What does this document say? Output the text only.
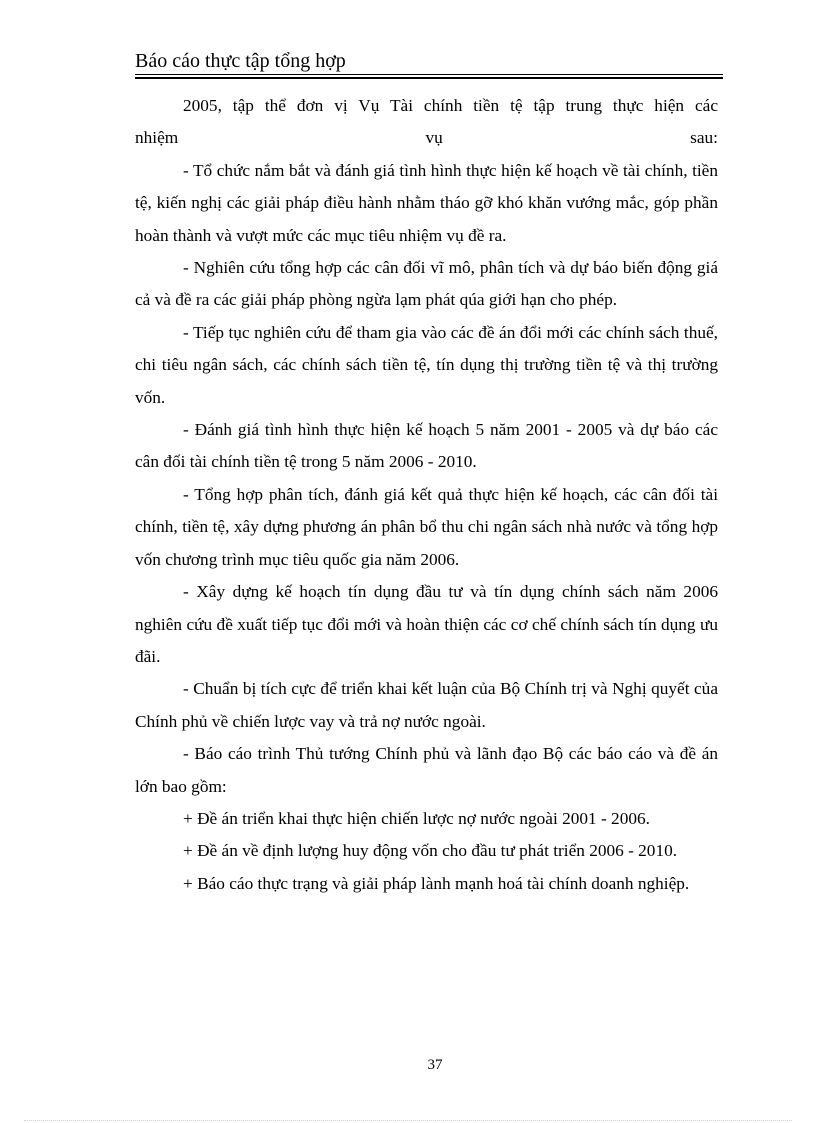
Báo cáo thực tập tổng hợp
2005, tập thể đơn vị Vụ Tài chính tiền tệ tập trung thực hiện các
nhiệm vụ sau:

- Tổ chức nắm bắt và đánh giá tình hình thực hiện kế hoạch về tài chính, tiền tệ, kiến nghị các giải pháp điều hành nhằm tháo gỡ khó khăn vướng mắc, góp phần hoàn thành và vượt mức các mục tiêu nhiệm vụ đề ra.

- Nghiên cứu tổng hợp các cân đối vĩ mô, phân tích và dự báo biến động giá cả và đề ra các giải pháp phòng ngừa lạm phát qúa giới hạn cho phép.

- Tiếp tục nghiên cứu để tham gia vào các đề án đổi mới các chính sách thuế, chi tiêu ngân sách, các chính sách tiền tệ, tín dụng thị trường tiền tệ và thị trường vốn.

- Đánh giá tình hình thực hiện kế hoạch 5 năm 2001 - 2005 và dự báo các cân đối tài chính tiền tệ trong 5 năm 2006 - 2010.

- Tổng hợp phân tích, đánh giá kết quả thực hiện kế hoạch, các cân đối tài chính, tiền tệ, xây dựng phương án phân bổ thu chi ngân sách nhà nước và tổng hợp vốn chương trình mục tiêu quốc gia năm 2006.

- Xây dựng kế hoạch tín dụng đầu tư và tín dụng chính sách năm 2006 nghiên cứu đề xuất tiếp tục đổi mới và hoàn thiện các cơ chế chính sách tín dụng ưu đãi.

- Chuẩn bị tích cực để triển khai kết luận của Bộ Chính trị và Nghị quyết của Chính phủ về chiến lược vay và trả nợ nước ngoài.

- Báo cáo trình Thủ tướng Chính phủ và lãnh đạo Bộ các báo cáo và đề án lớn bao gồm:

+ Đề án triển khai thực hiện chiến lược nợ nước ngoài 2001 - 2006.

+ Đề án về định lượng huy động vốn cho đầu tư phát triển 2006 - 2010.

+ Báo cáo thực trạng và giải pháp lành mạnh hoá tài chính doanh nghiệp.

37
